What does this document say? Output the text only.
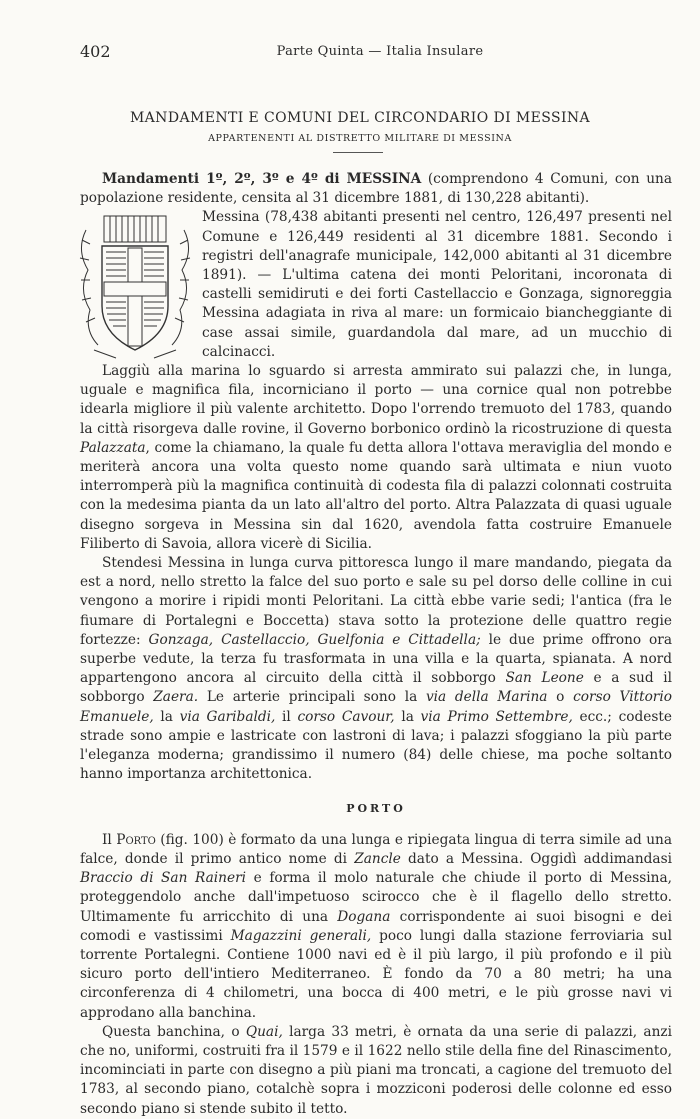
402	Parte Quinta — Italia Insulare
MANDAMENTI E COMUNI DEL CIRCONDARIO DI MESSINA
APPARTENENTI AL DISTRETTO MILITARE DI MESSINA

Mandamenti 1º, 2º, 3º e 4º di MESSINA (comprendono 4 Comuni, con una popolazione residente, censita al 31 dicembre 1881, di 130,228 abitanti).

Messina (78,438 abitanti presenti nel centro, 126,497 presenti nel Comune e 126,449 residenti al 31 dicembre 1881. Secondo i registri dell'anagrafe municipale, 142,000 abitanti al 31 dicembre 1891). — L'ultima catena dei monti Peloritani, incoronata di castelli semidiruti e dei forti Castellaccio e Gonzaga, signoreggia Messina adagiata in riva al mare: un formicaio biancheggiante di case assai simile, guardandola dal mare, ad un mucchio di calcinacci.

Laggiù alla marina lo sguardo si arresta ammirato sui palazzi che, in lunga, uguale e magnifica fila, incorniciano il porto — una cornice qual non potrebbe idearla migliore il più valente architetto. Dopo l'orrendo tremuoto del 1783, quando la città risorgeva dalle rovine, il Governo borbonico ordinò la ricostruzione di questa Palazzata, come la chiamano, la quale fu detta allora l'ottava meraviglia del mondo e meriterà ancora una volta questo nome quando sarà ultimata e niun vuoto interromperà più la magnifica continuità di codesta fila di palazzi colonnati costruita con la medesima pianta da un lato all'altro del porto. Altra Palazzata di quasi uguale disegno sorgeva in Messina sin dal 1620, avendola fatta costruire Emanuele Filiberto di Savoia, allora vicerè di Sicilia.

Stendesi Messina in lunga curva pittoresca lungo il mare mandando, piegata da est a nord, nello stretto la falce del suo porto e sale su pel dorso delle colline in cui vengono a morire i ripidi monti Peloritani. La città ebbe varie sedi; l'antica (fra le fiumare di Portalegni e Boccetta) stava sotto la protezione delle quattro regie fortezze: Gonzaga, Castellaccio, Guelfonia e Cittadella; le due prime offrono ora superbe vedute, la terza fu trasformata in una villa e la quarta, spianata. A nord appartengono ancora al circuito della città il sobborgo San Leone e a sud il sobborgo Zaera. Le arterie principali sono la via della Marina o corso Vittorio Emanuele, la via Garibaldi, il corso Cavour, la via Primo Settembre, ecc.; codeste strade sono ampie e lastricate con lastroni di lava; i palazzi sfoggiano la più parte l'eleganza moderna; grandissimo il numero (84) delle chiese, ma poche soltanto hanno importanza architettonica.

PORTO

Il Porto (fig. 100) è formato da una lunga e ripiegata lingua di terra simile ad una falce, donde il primo antico nome di Zancle dato a Messina. Oggidì addimandasi Braccio di San Raineri e forma il molo naturale che chiude il porto di Messina, proteggendolo anche dall'impetuoso scirocco che è il flagello dello stretto. Ultimamente fu arricchito di una Dogana corrispondente ai suoi bisogni e dei comodi e vastissimi Magazzini generali, poco lungi dalla stazione ferroviaria sul torrente Portalegni. Contiene 1000 navi ed è il più largo, il più profondo e il più sicuro porto dell'intiero Mediterraneo. È fondo da 70 a 80 metri; ha una circonferenza di 4 chilometri, una bocca di 400 metri, e le più grosse navi vi approdano alla banchina.

Questa banchina, o Quai, larga 33 metri, è ornata da una serie di palazzi, anzi che no, uniformi, costruiti fra il 1579 e il 1622 nello stile della fine del Rinascimento, incominciati in parte con disegno a più piani ma troncati, a cagione del tremuoto del 1783, al secondo piano, cotalchè sopra i mozziconi poderosi delle colonne ed esso secondo piano si stende subito il tetto.
